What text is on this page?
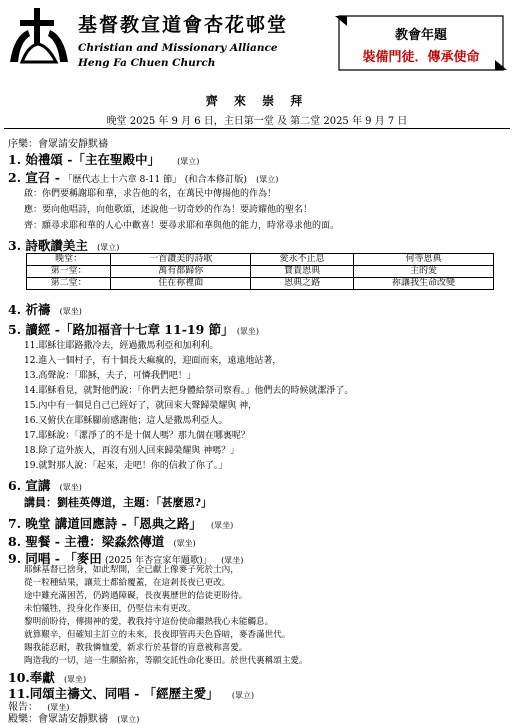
基督教宣道會杏花邨堂
Christian and Missionary Alliance
Heng Fa Chuen Church
教會年題
裝備門徒．傳承使命
齊 來 崇 拜
晚堂 2025 年 9 月 6 日，主日第一堂 及 第二堂 2025 年 9 月 7 日
序樂：會眾請安靜默禱
1. 始禮頌 -「主在聖殿中」 (眾立)
2. 宣召 - 「歷代志上十六章 8-11 節」 (和合本修訂版) (眾立)
啟：你們要稱謝耶和華，求告他的名，在萬民中傳揚他的作為！
應：要向他唱詩，向他歌頌，述說他一切奇妙的作為！要誇耀他的聖名！
齊：願尋求耶和華的人心中歡喜！要尋求耶和華與他的能力，時常尋求他的面。
3. 詩歌讚美主 (眾立)
晚堂：	一首讚美的詩歌	愛永不止息	何等恩典
第一堂：	萬有都歸你	寶貴恩典	主的愛
第二堂：	住在祢裡面	恩典之路	祢讓我生命改變
4. 祈禱 (眾坐)
5. 讀經 -「路加福音十七章 11-19 節」 (眾坐)
11.耶穌往耶路撒冷去，經過撒馬利亞和加利利。
12.進入一個村子，有十個長大痲瘋的，迎面而來，遠遠地站著，
13.高聲說：「耶穌，夫子，可憐我們吧！」
14.耶穌看見，就對他們說：「你們去把身體給祭司察看。」他們去的時候就潔淨了。
15.內中有一個見自己已經好了，就回來大聲歸榮耀與 神，
16.又俯伏在耶穌腳前感謝他；這人是撒馬利亞人。
17.耶穌說：「潔淨了的不是十個人嗎？那九個在哪裏呢？
18.除了這外族人，再沒有別人回來歸榮耀與 神嗎？」
19.就對那人說：「起來，走吧！你的信救了你了。」
6. 宣講 (眾坐)
講員：劉桂英傳道，主題：「甚麼恩?」
7. 晚堂 講道回應詩 -「恩典之路」 (眾坐)
8. 聖餐 - 主禮：梁淼然傳道 (眾坐)
9. 同唱 - 「麥田 (2025 年杏宣家年題歌)」 (眾坐)
耶穌基督已捨身，如此犁開，全已獻上像麥子死於土內，
從一粒種結果，讓荒土都給覆蓋，在這剎長夜已更改。
途中雖充滿困苦，仍跨過障礙，長夜裏歷世的信徒更盼待。
未怕犧牲，投身化作麥田，仍堅信未有更改。
黎明前盼待，傳揚神的愛，教我持守這份使命繼熱我心未能觸息。
就算艱辛，但確知主訂立的未來，長夜即管再天色昏暗，麥香滿世代。
賜我能忍耐，教我憐恤愛，新求行於基督的盲意被称喜愛。
陶造我的一切，這一生願給祢，等願交託性命化麥田。於世代裏稱頌主愛。
10.奉獻 (眾坐)
11.同頌主禱文、同唱 - 「經歷主愛」 (眾立)
報告： (眾坐)
殿樂：會眾請安靜默禱 (眾立)
